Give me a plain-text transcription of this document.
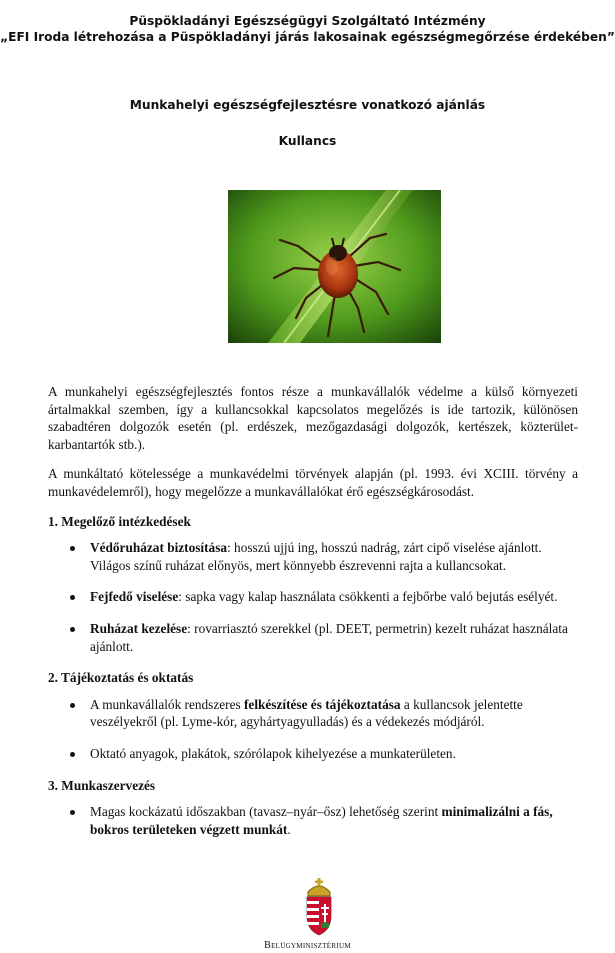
Püspökladányi Egészségügyi Szolgáltató Intézmény
„EFI Iroda létrehozása a Püspökladányi járás lakosainak egészségmegőrzése érdekében”
Munkahelyi egészségfejlesztésre vonatkozó ajánlás
Kullancs

A munkahelyi egészségfejlesztés fontos része a munkavállalók védelme a külső környezeti ártalmakkal szemben, így a kullancsokkal kapcsolatos megelőzés is ide tartozik, különösen szabadtéren dolgozók esetén (pl. erdészek, mezőgazdasági dolgozók, kertészek, közterület-karbantartók stb.).

A munkáltató kötelessége a munkavédelmi törvények alapján (pl. 1993. évi XCIII. törvény a munkavédelemről), hogy megelőzze a munkavállalókat érő egészségkárosodást.

1. Megelőző intézkedések
Védőruházat biztosítása: hosszú ujjú ing, hosszú nadrág, zárt cipő viselése ajánlott. Világos színű ruházat előnyös, mert könnyebb észrevenni rajta a kullancsokat.
Fejfedő viselése: sapka vagy kalap használata csökkenti a fejbőrbe való bejutás esélyét.
Ruházat kezelése: rovarriasztó szerekkel (pl. DEET, permetrin) kezelt ruházat használata ajánlott.
2. Tájékoztatás és oktatás
A munkavállalók rendszeres felkészítése és tájékoztatása a kullancsok jelentette veszélyekről (pl. Lyme-kór, agyhártyagyulladás) és a védekezés módjáról.
Oktató anyagok, plakátok, szórólapok kihelyezése a munkaterületen.
3. Munkaszervezés
Magas kockázatú időszakban (tavasz–nyár–ősz) lehetőség szerint minimalizálni a fás, bokros területeken végzett munkát.
Belügyminisztérium
